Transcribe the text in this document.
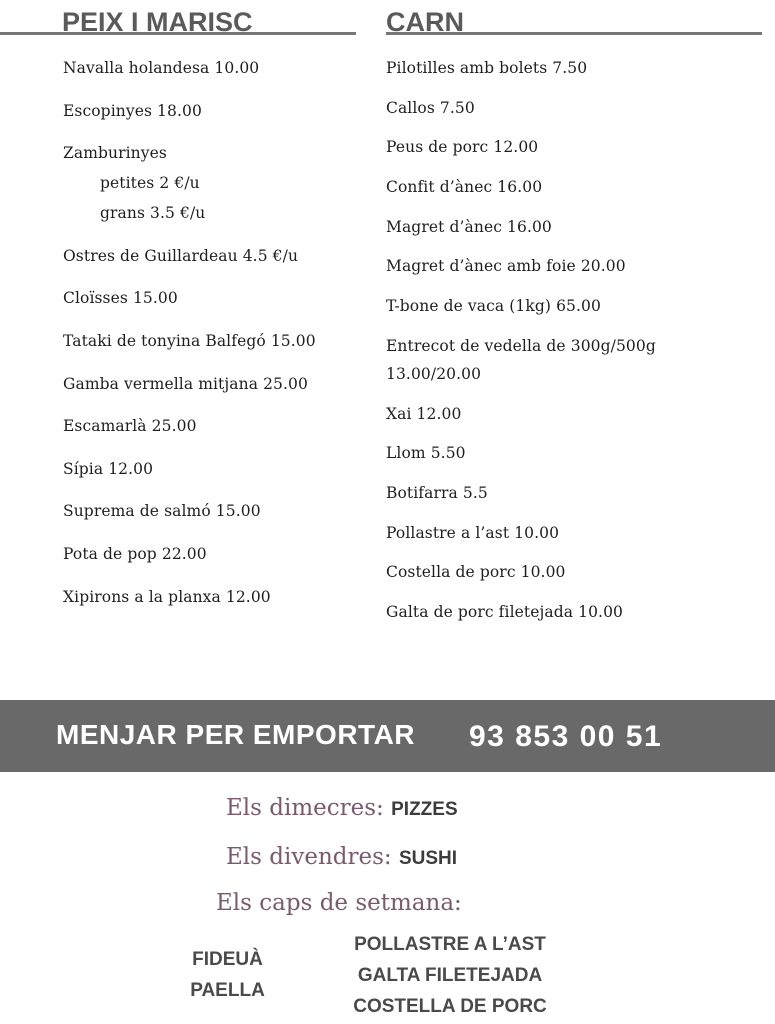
PEIX I MARISC
Navalla holandesa 10.00
Escopinyes 18.00
Zamburinyes
petites 2 €/u
grans 3.5 €/u
Ostres de Guillardeau 4.5 €/u
Cloïsses 15.00
Tataki de tonyina Balfegó 15.00
Gamba vermella mitjana 25.00
Escamarlà 25.00
Sípia 12.00
Suprema de salmó 15.00
Pota de pop 22.00
Xipirons a la planxa 12.00
CARN
Pilotilles amb bolets 7.50
Callos 7.50
Peus de porc 12.00
Confit d’ànec 16.00
Magret d’ànec 16.00
Magret d’ànec amb foie 20.00
T-bone de vaca (1kg) 65.00
Entrecot de vedella de 300g/500g
13.00/20.00
Xai 12.00
Llom 5.50
Botifarra 5.5
Pollastre a l’ast 10.00
Costella de porc 10.00
Galta de porc filetejada 10.00
MENJAR PER EMPORTAR 93 853 00 51
Els dimecres: PIZZES
Els divendres: SUSHI
Els caps de setmana:
FIDEUÀ
PAELLA
POLLASTRE A L’AST
GALTA FILETEJADA
COSTELLA DE PORC
